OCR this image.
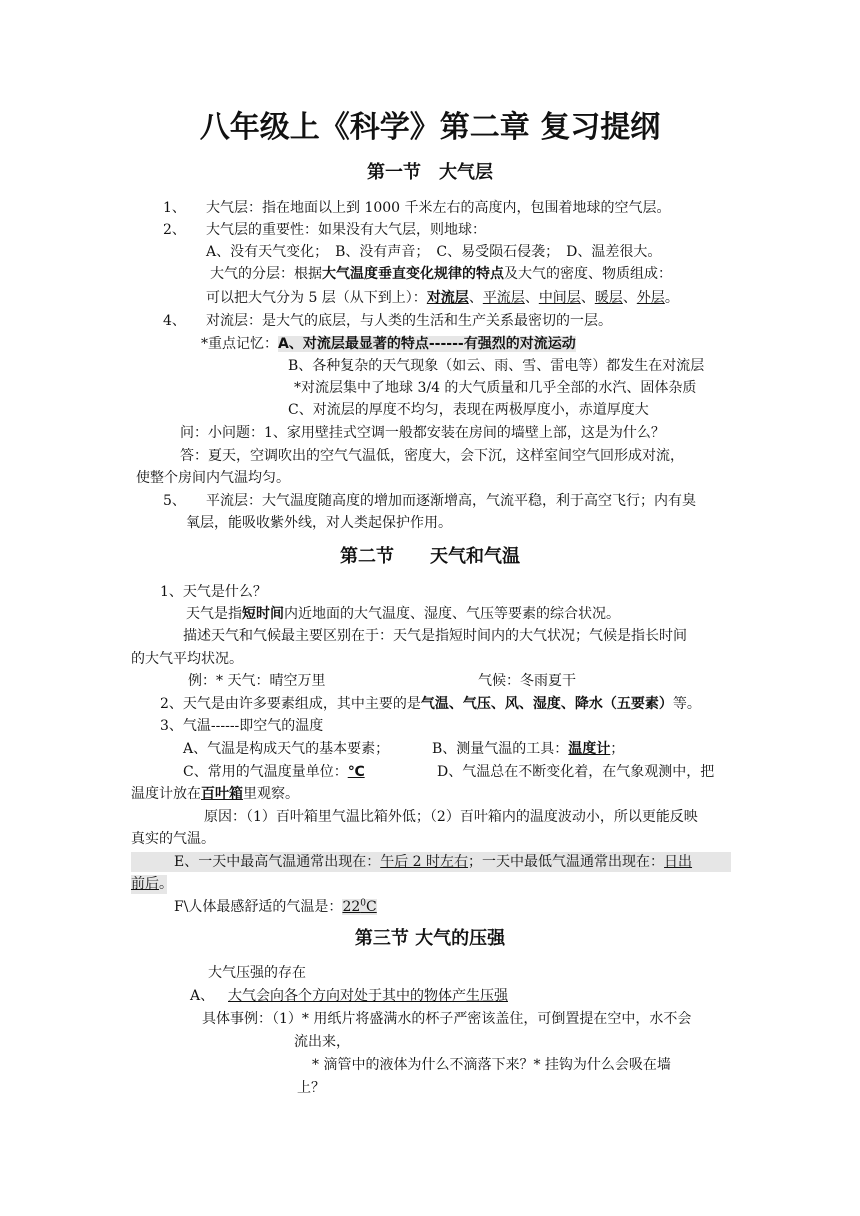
八年级上《科学》第二章 复习提纲
第一节　大气层
1、 大气层：指在地面以上到 1000 千米左右的高度内，包围着地球的空气层。
2、 大气层的重要性：如果没有大气层，则地球：
A、没有天气变化；　B、没有声音；　C、易受陨石侵袭；　D、温差很大。
大气的分层：根据大气温度垂直变化规律的特点及大气的密度、物质组成：
可以把大气分为 5 层（从下到上）：对流层、平流层、中间层、暖层、外层。
4、 对流层：是大气的底层，与人类的生活和生产关系最密切的一层。
*重点记忆：A、对流层最显著的特点------有强烈的对流运动
B、各种复杂的天气现象（如云、雨、雪、雷电等）都发生在对流层
*对流层集中了地球 3/4 的大气质量和几乎全部的水汽、固体杂质
C、对流层的厚度不均匀，表现在两极厚度小，赤道厚度大
问：小问题：1、家用壁挂式空调一般都安装在房间的墙壁上部，这是为什么？
答：夏天，空调吹出的空气气温低，密度大，会下沉，这样室间空气回形成对流，
使整个房间内气温均匀。
5、 平流层：大气温度随高度的增加而逐渐增高，气流平稳，利于高空飞行；内有臭
氧层，能吸收紫外线，对人类起保护作用。
第二节　　天气和气温
1、天气是什么？
天气是指短时间内近地面的大气温度、湿度、气压等要素的综合状况。
描述天气和气候最主要区别在于：天气是指短时间内的大气状况；气候是指长时间
的大气平均状况。
例：* 天气：晴空万里	气候：冬雨夏干
2、天气是由许多要素组成，其中主要的是气温、气压、风、湿度、降水（五要素）等。
3、气温------即空气的温度
A、气温是构成天气的基本要素；	B、测量气温的工具：温度计；
C、常用的气温度量单位：℃	D、气温总在不断变化着，在气象观测中，把
温度计放在百叶箱里观察。
原因：（1）百叶箱里气温比箱外低；（2）百叶箱内的温度波动小，所以更能反映
真实的气温。
E、一天中最高气温通常出现在：午后 2 时左右；一天中最低气温通常出现在：日出
前后。
F\人体最感舒适的气温是：$22^0C$
第三节 大气的压强
大气压强的存在
A、 大气会向各个方向对处于其中的物体产生压强
具体事例：（1）* 用纸片将盛满水的杯子严密该盖住，可倒置提在空中，水不会
流出来，
* 滴管中的液体为什么不滴落下来？* 挂钩为什么会吸在墙
上？
